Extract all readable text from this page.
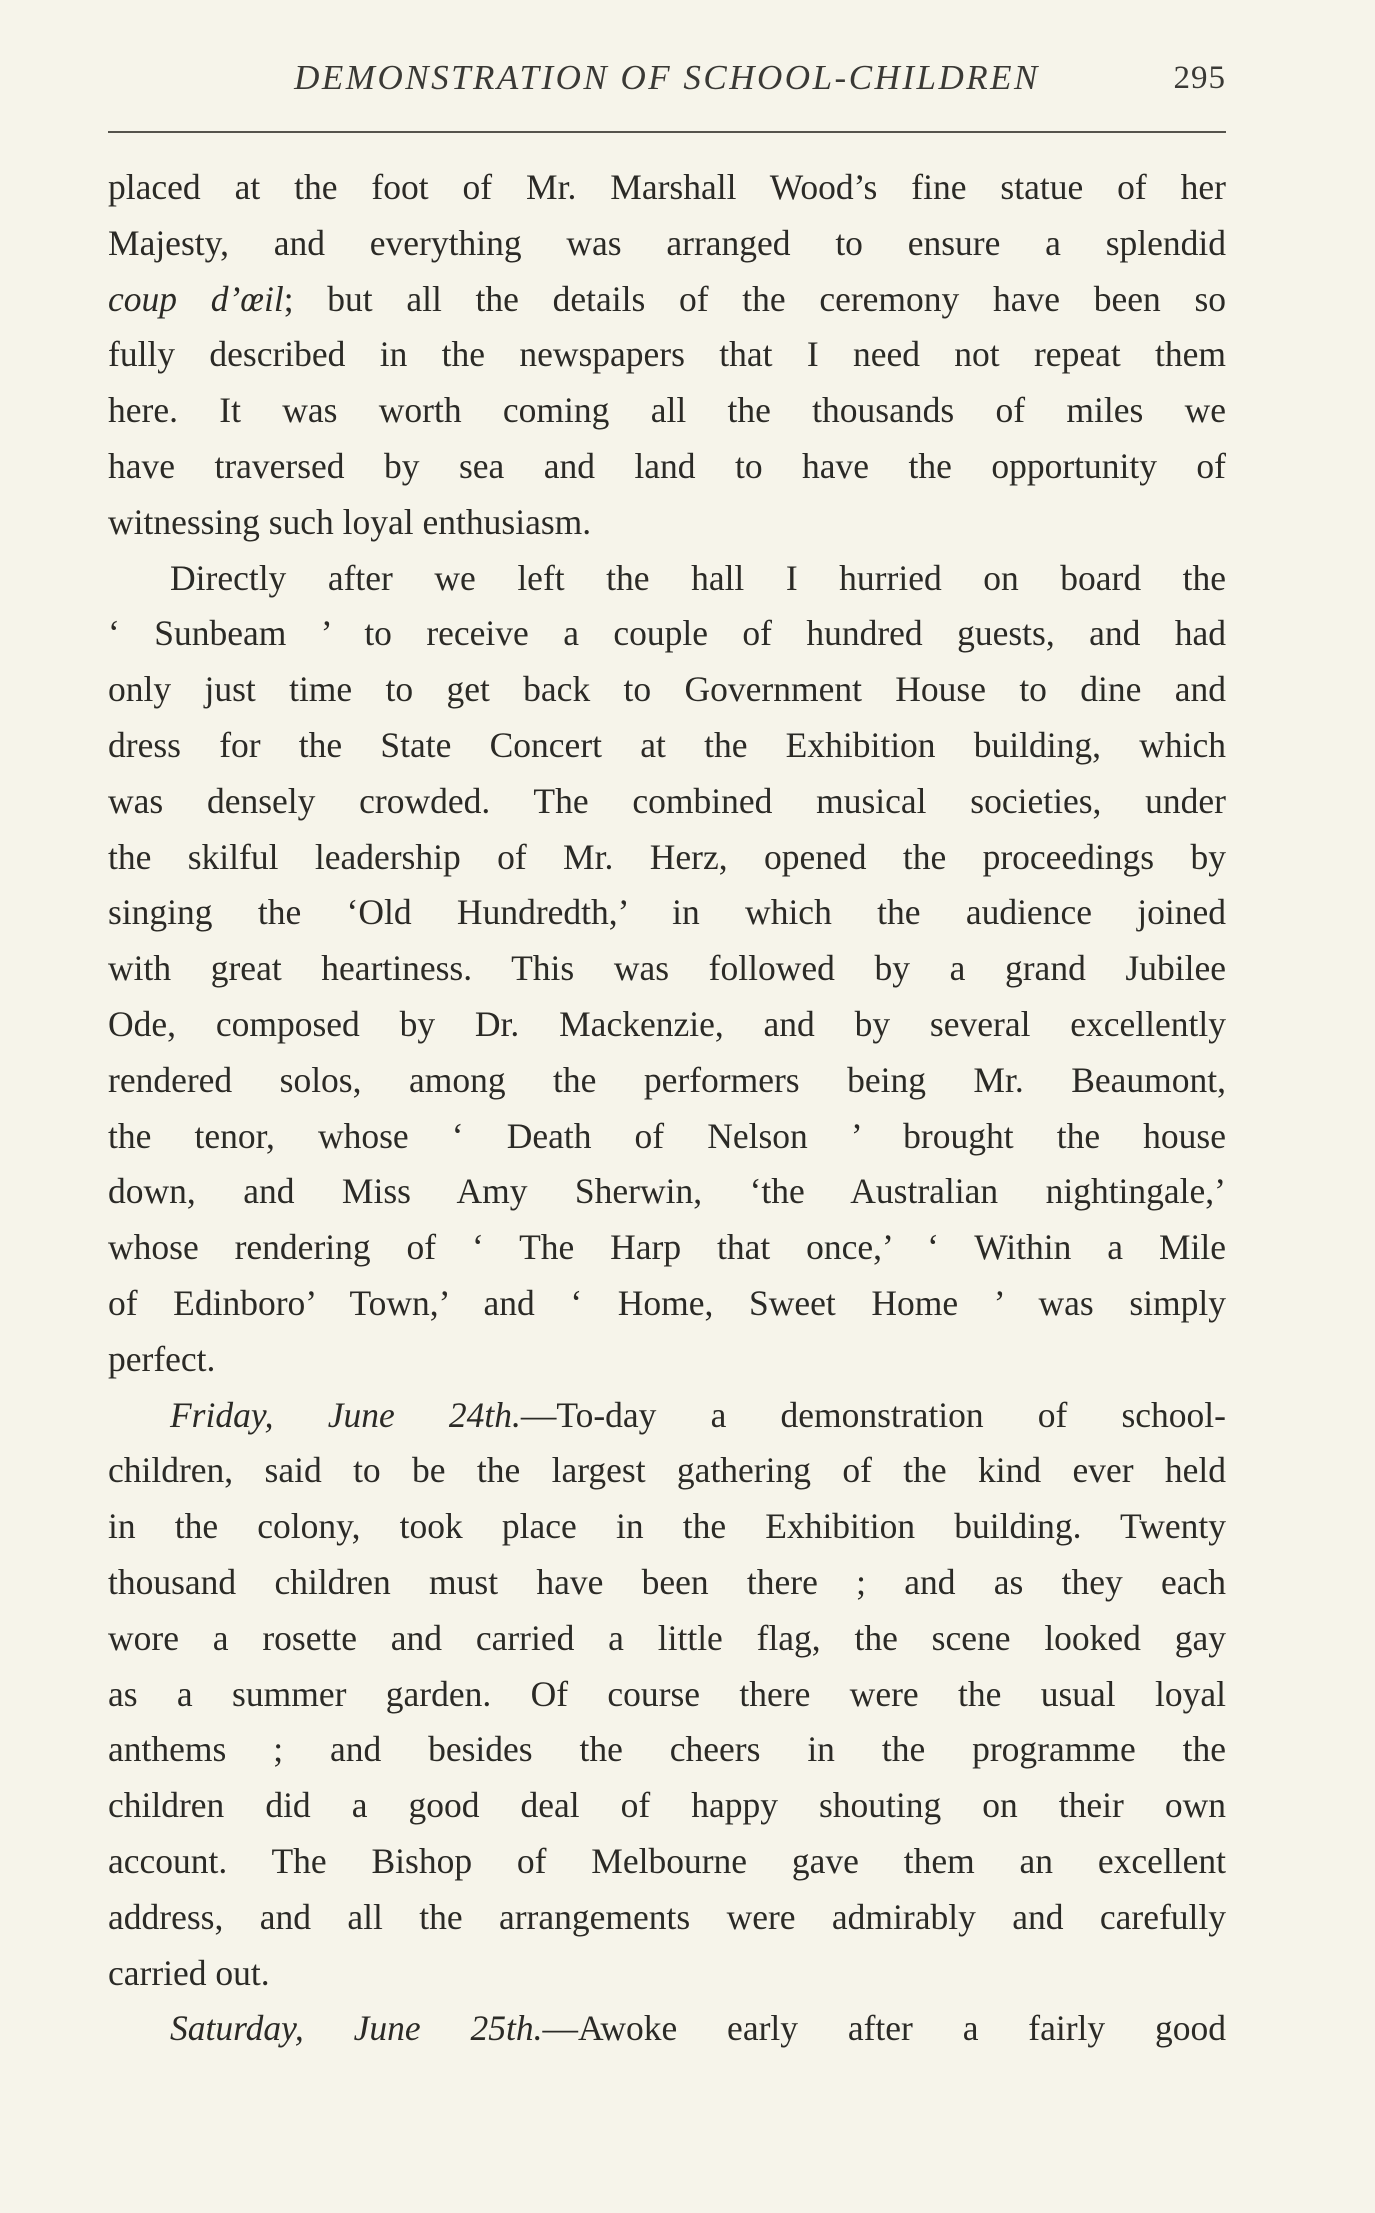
DEMONSTRATION OF SCHOOL-CHILDREN	295
placed at the foot of Mr. Marshall Wood’s fine statue of her
Majesty, and everything was arranged to ensure a splendid
coup d’œil; but all the details of the ceremony have been so
fully described in the newspapers that I need not repeat them
here. It was worth coming all the thousands of miles we
have traversed by sea and land to have the opportunity of
witnessing such loyal enthusiasm.
Directly after we left the hall I hurried on board the
‘ Sunbeam ’ to receive a couple of hundred guests, and had
only just time to get back to Government House to dine and
dress for the State Concert at the Exhibition building, which
was densely crowded. The combined musical societies, under
the skilful leadership of Mr. Herz, opened the proceedings by
singing the ‘Old Hundredth,’ in which the audience joined
with great heartiness. This was followed by a grand Jubilee
Ode, composed by Dr. Mackenzie, and by several excellently
rendered solos, among the performers being Mr. Beaumont,
the tenor, whose ‘ Death of Nelson ’ brought the house
down, and Miss Amy Sherwin, ‘the Australian nightingale,’
whose rendering of ‘ The Harp that once,’ ‘ Within a Mile
of Edinboro’ Town,’ and ‘ Home, Sweet Home ’ was simply
perfect.
Friday, June 24th.—To-day a demonstration of school-
children, said to be the largest gathering of the kind ever held
in the colony, took place in the Exhibition building. Twenty
thousand children must have been there ; and as they each
wore a rosette and carried a little flag, the scene looked gay
as a summer garden. Of course there were the usual loyal
anthems ; and besides the cheers in the programme the
children did a good deal of happy shouting on their own
account. The Bishop of Melbourne gave them an excellent
address, and all the arrangements were admirably and carefully
carried out.
Saturday, June 25th.—Awoke early after a fairly good
